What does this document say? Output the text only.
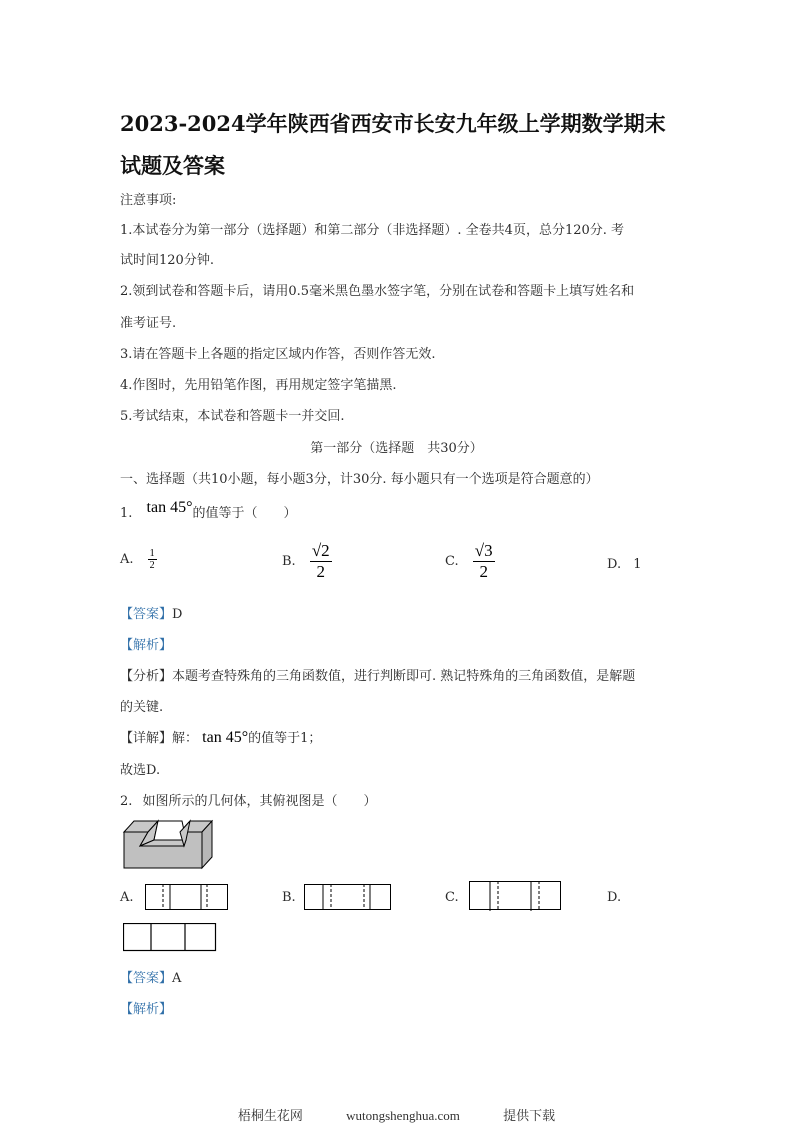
2023-2024学年陕西省西安市长安九年级上学期数学期末试题及答案
注意事项:
1.本试卷分为第一部分（选择题）和第二部分（非选择题）. 全卷共4页，总分120分. 考
试时间120分钟.
2.领到试卷和答题卡后，请用0.5毫米黑色墨水签字笔，分别在试卷和答题卡上填写姓名和
准考证号.
3.请在答题卡上各题的指定区域内作答，否则作答无效.
4.作图时，先用铅笔作图，再用规定签字笔描黑.
5.考试结束，本试卷和答题卡一并交回.
第一部分（选择题　共30分）
一、选择题（共10小题，每小题3分，计30分. 每小题只有一个选项是符合题意的）
1. tan 45°的值等于（　　）
A. $\frac{1}{2}$	B. $\frac{√2}{2}$	C. $\frac{√3}{2}$	D. 1
【答案】D
【解析】
【分析】本题考查特殊角的三角函数值，进行判断即可. 熟记特殊角的三角函数值，是解题
的关键.
【详解】解： tan 45°的值等于1；
故选D.
2. 如图所示的几何体，其俯视图是（　　）
A.	B.	C.	D.
【答案】A
【解析】
梧桐生花网	wutongshenghua.com	提供下载
